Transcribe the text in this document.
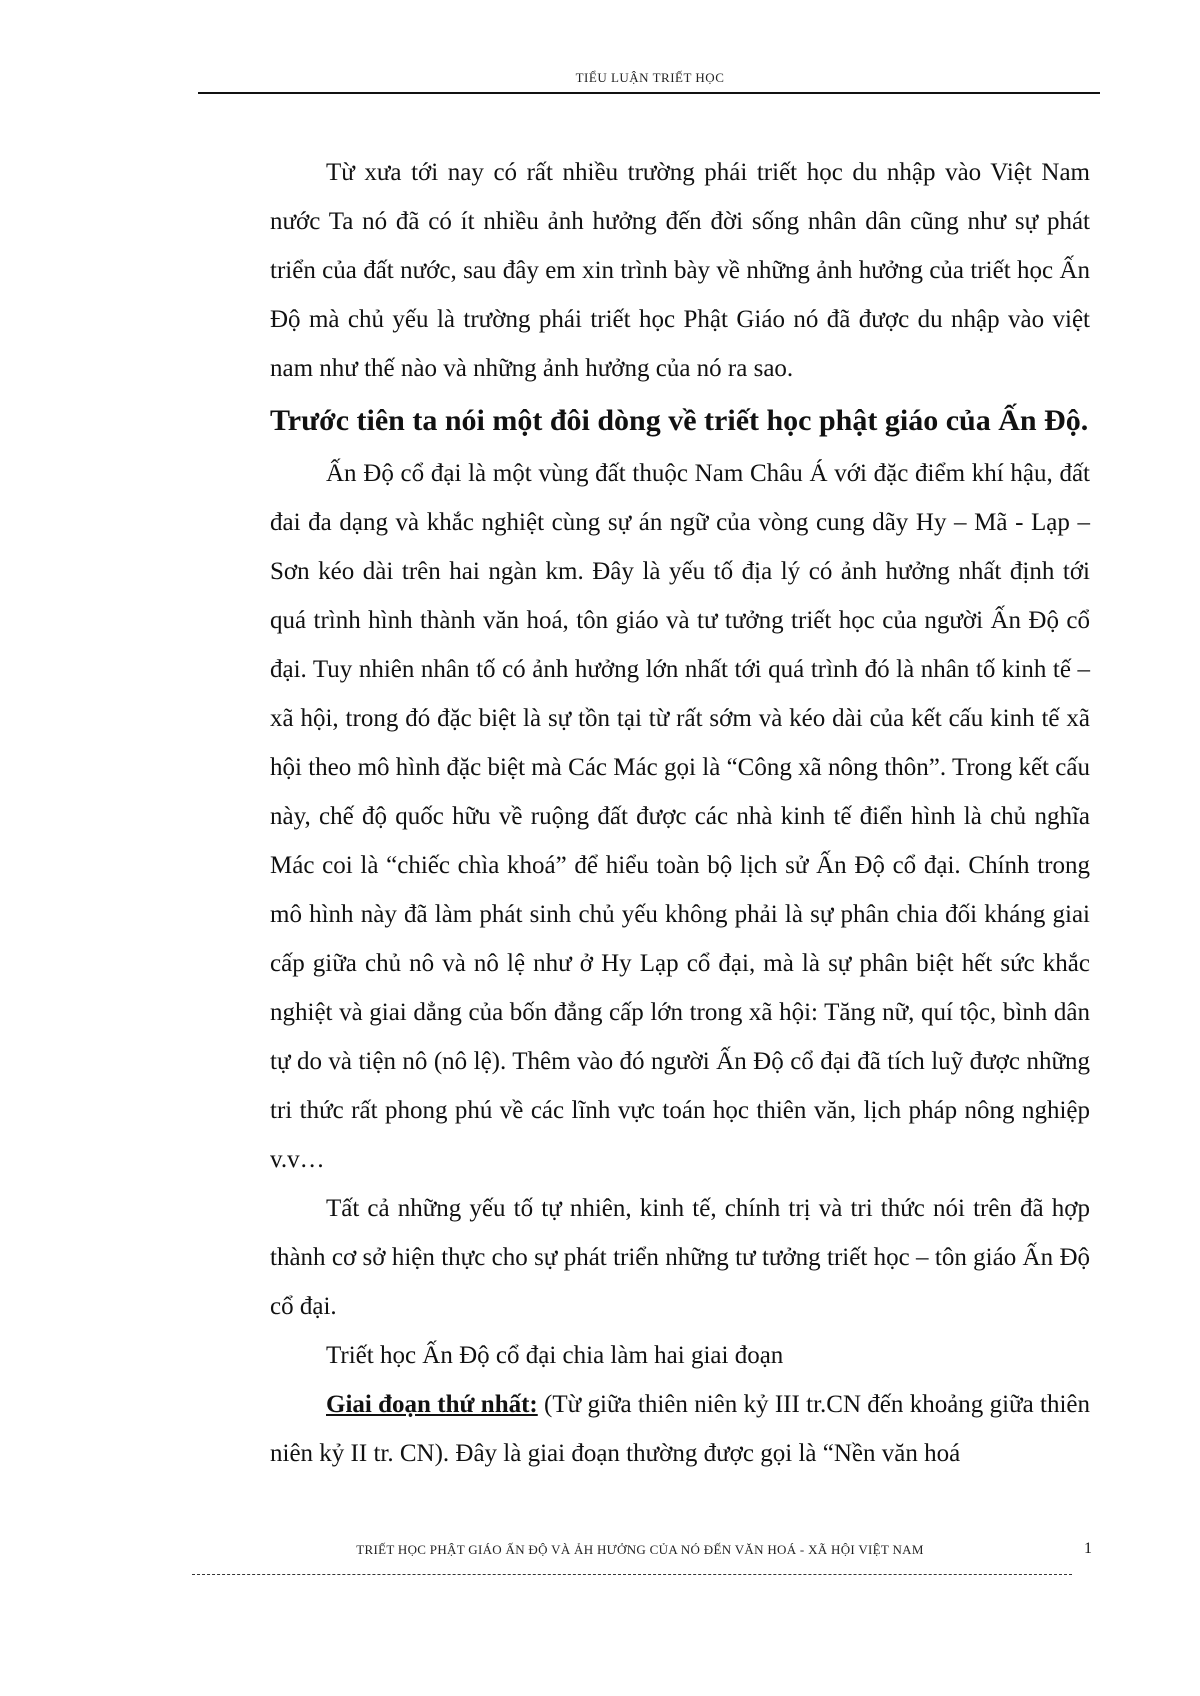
TIỂU LUẬN TRIẾT HỌC

Từ xưa tới nay có rất nhiều trường phái triết học du nhập vào Việt Nam nước Ta nó đã có ít nhiều ảnh hưởng đến đời sống nhân dân cũng như sự phát triển của đất nước, sau đây em xin trình bày về những ảnh hưởng của triết học Ấn Độ mà chủ yếu là trường phái triết học Phật Giáo nó đã được du nhập vào việt nam như thế nào và những ảnh hưởng của nó ra sao.

Trước tiên ta nói một đôi dòng về triết học phật giáo của Ấn Độ.

Ấn Độ cổ đại là một vùng đất thuộc Nam Châu Á với đặc điểm khí hậu, đất đai đa dạng và khắc nghiệt cùng sự án ngữ của vòng cung dãy Hy – Mã - Lạp – Sơn kéo dài trên hai ngàn km. Đây là yếu tố địa lý có ảnh hưởng nhất định tới quá trình hình thành văn hoá, tôn giáo và tư tưởng triết học của người Ấn Độ cổ đại. Tuy nhiên nhân tố có ảnh hưởng lớn nhất tới quá trình đó là nhân tố kinh tế – xã hội, trong đó đặc biệt là sự tồn tại từ rất sớm và kéo dài của kết cấu kinh tế xã hội theo mô hình đặc biệt mà Các Mác gọi là “Công xã nông thôn”. Trong kết cấu này, chế độ quốc hữu về ruộng đất được các nhà kinh tế điển hình là chủ nghĩa Mác coi là “chiếc chìa khoá” để hiểu toàn bộ lịch sử Ấn Độ cổ đại. Chính trong mô hình này đã làm phát sinh chủ yếu không phải là sự phân chia đối kháng giai cấp giữa chủ nô và nô lệ như ở Hy Lạp cổ đại, mà là sự phân biệt hết sức khắc nghiệt và giai dẳng của bốn đẳng cấp lớn trong xã hội: Tăng nữ, quí tộc, bình dân tự do và tiện nô (nô lệ). Thêm vào đó người Ấn Độ cổ đại đã tích luỹ được những tri thức rất phong phú về các lĩnh vực toán học thiên văn, lịch pháp nông nghiệp v.v…

Tất cả những yếu tố tự nhiên, kinh tế, chính trị và tri thức nói trên đã hợp thành cơ sở hiện thực cho sự phát triển những tư tưởng triết học – tôn giáo Ấn Độ cổ đại.

Triết học Ấn Độ cổ đại chia làm hai giai đoạn

Giai đoạn thứ nhất: (Từ giữa thiên niên kỷ III tr.CN đến khoảng giữa thiên niên kỷ II tr. CN). Đây là giai đoạn thường được gọi là “Nền văn hoá

TRIẾT HỌC PHẬT GIÁO ẤN ĐỘ VÀ ẢH HƯỞNG CỦA NÓ ĐẾN VĂN HOÁ - XÃ HỘI VIỆT NAM	1
